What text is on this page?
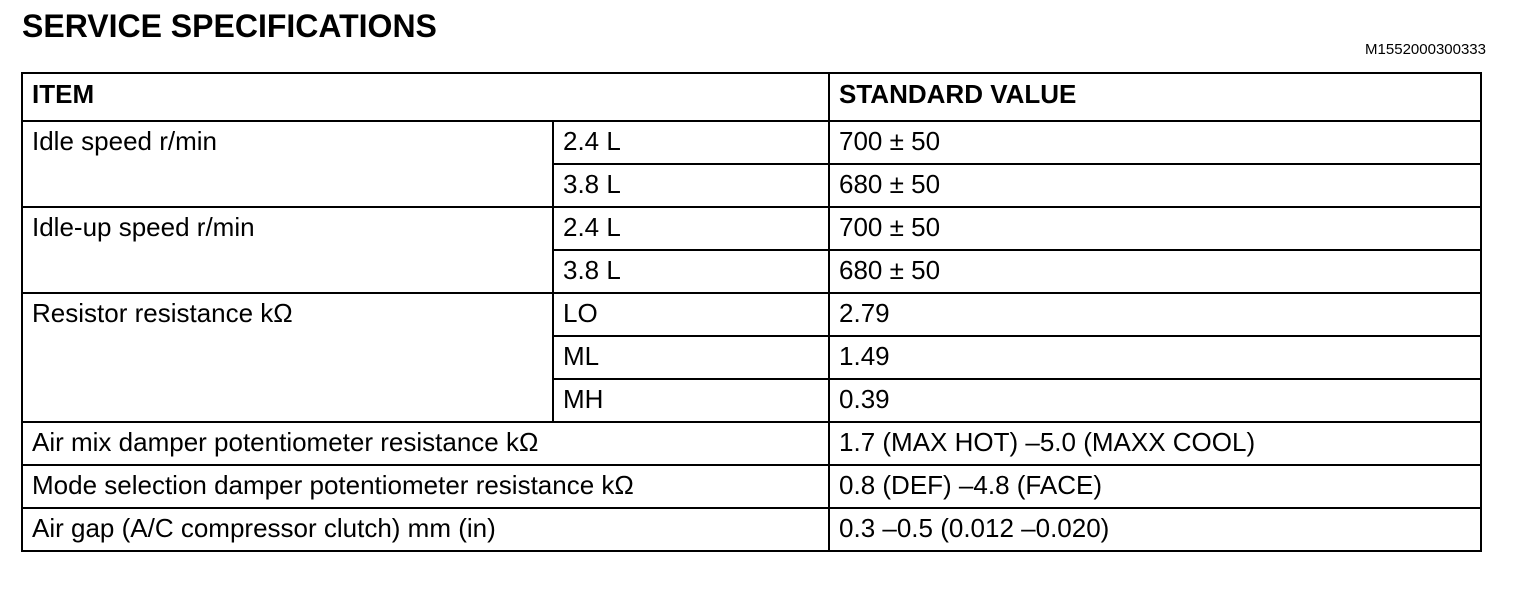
SERVICE SPECIFICATIONS
M1552000300333
ITEM		STANDARD VALUE
Idle speed r/min	2.4 L	700 ± 50
	3.8 L	680 ± 50
Idle-up speed r/min	2.4 L	700 ± 50
	3.8 L	680 ± 50
Resistor resistance kΩ	LO	2.79
	ML	1.49
	MH	0.39
Air mix damper potentiometer resistance kΩ		1.7 (MAX HOT) –5.0 (MAXX COOL)
Mode selection damper potentiometer resistance kΩ		0.8 (DEF) –4.8 (FACE)
Air gap (A/C compressor clutch) mm (in)		0.3 –0.5 (0.012 –0.020)
